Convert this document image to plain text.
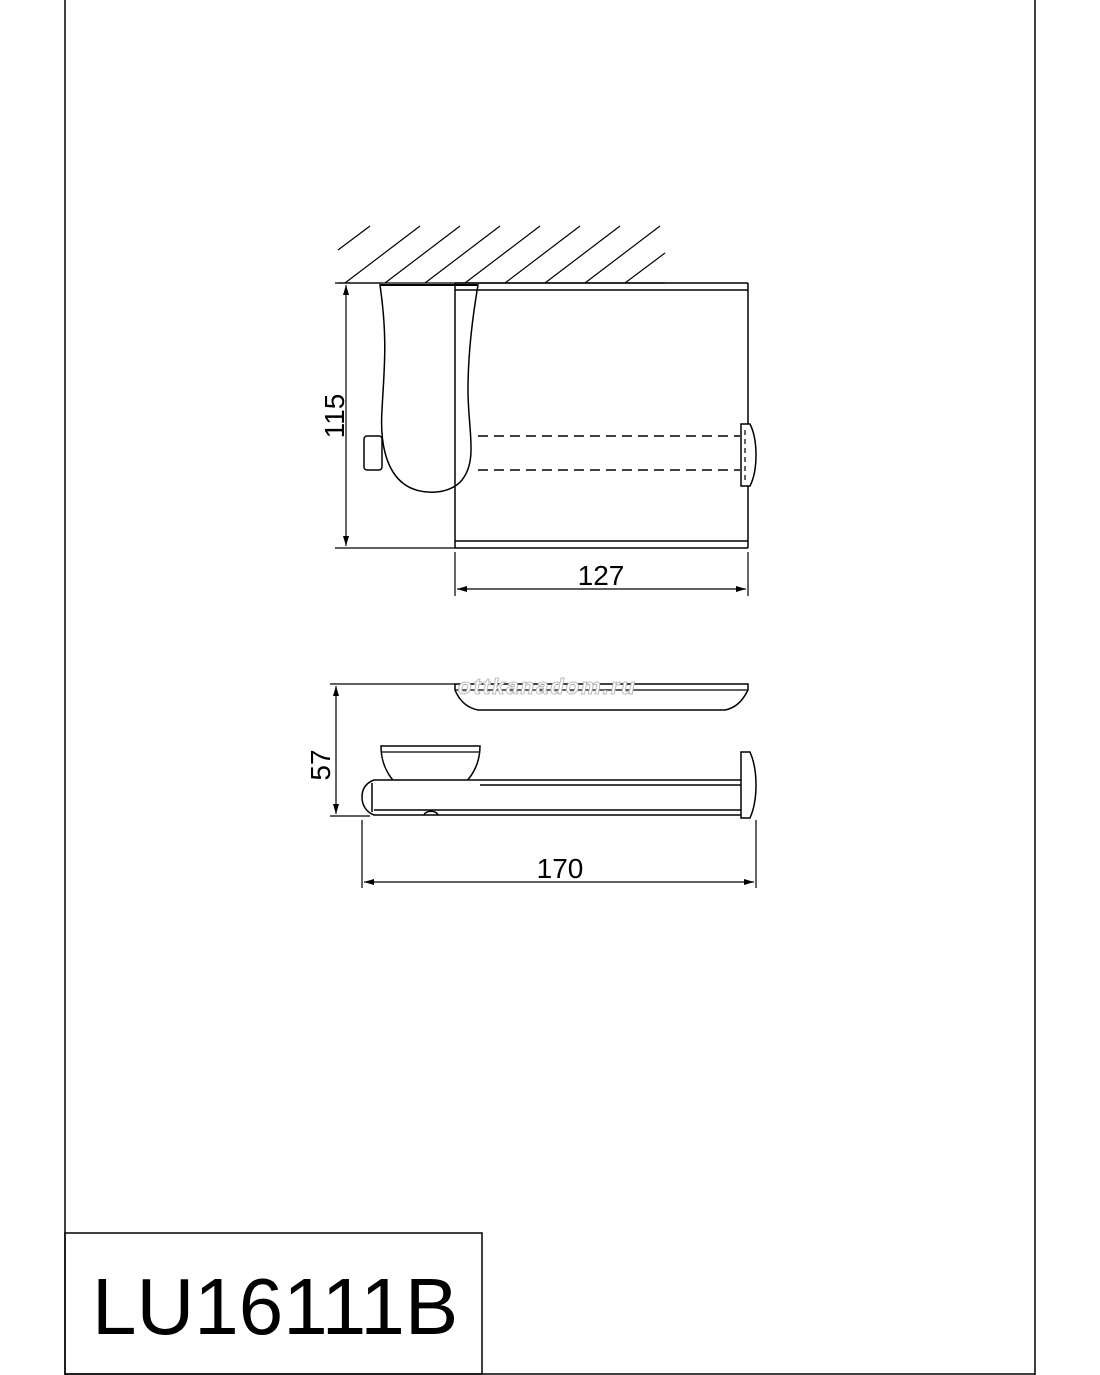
LU16111B
115
127
ottkanadom.ru
57
170
